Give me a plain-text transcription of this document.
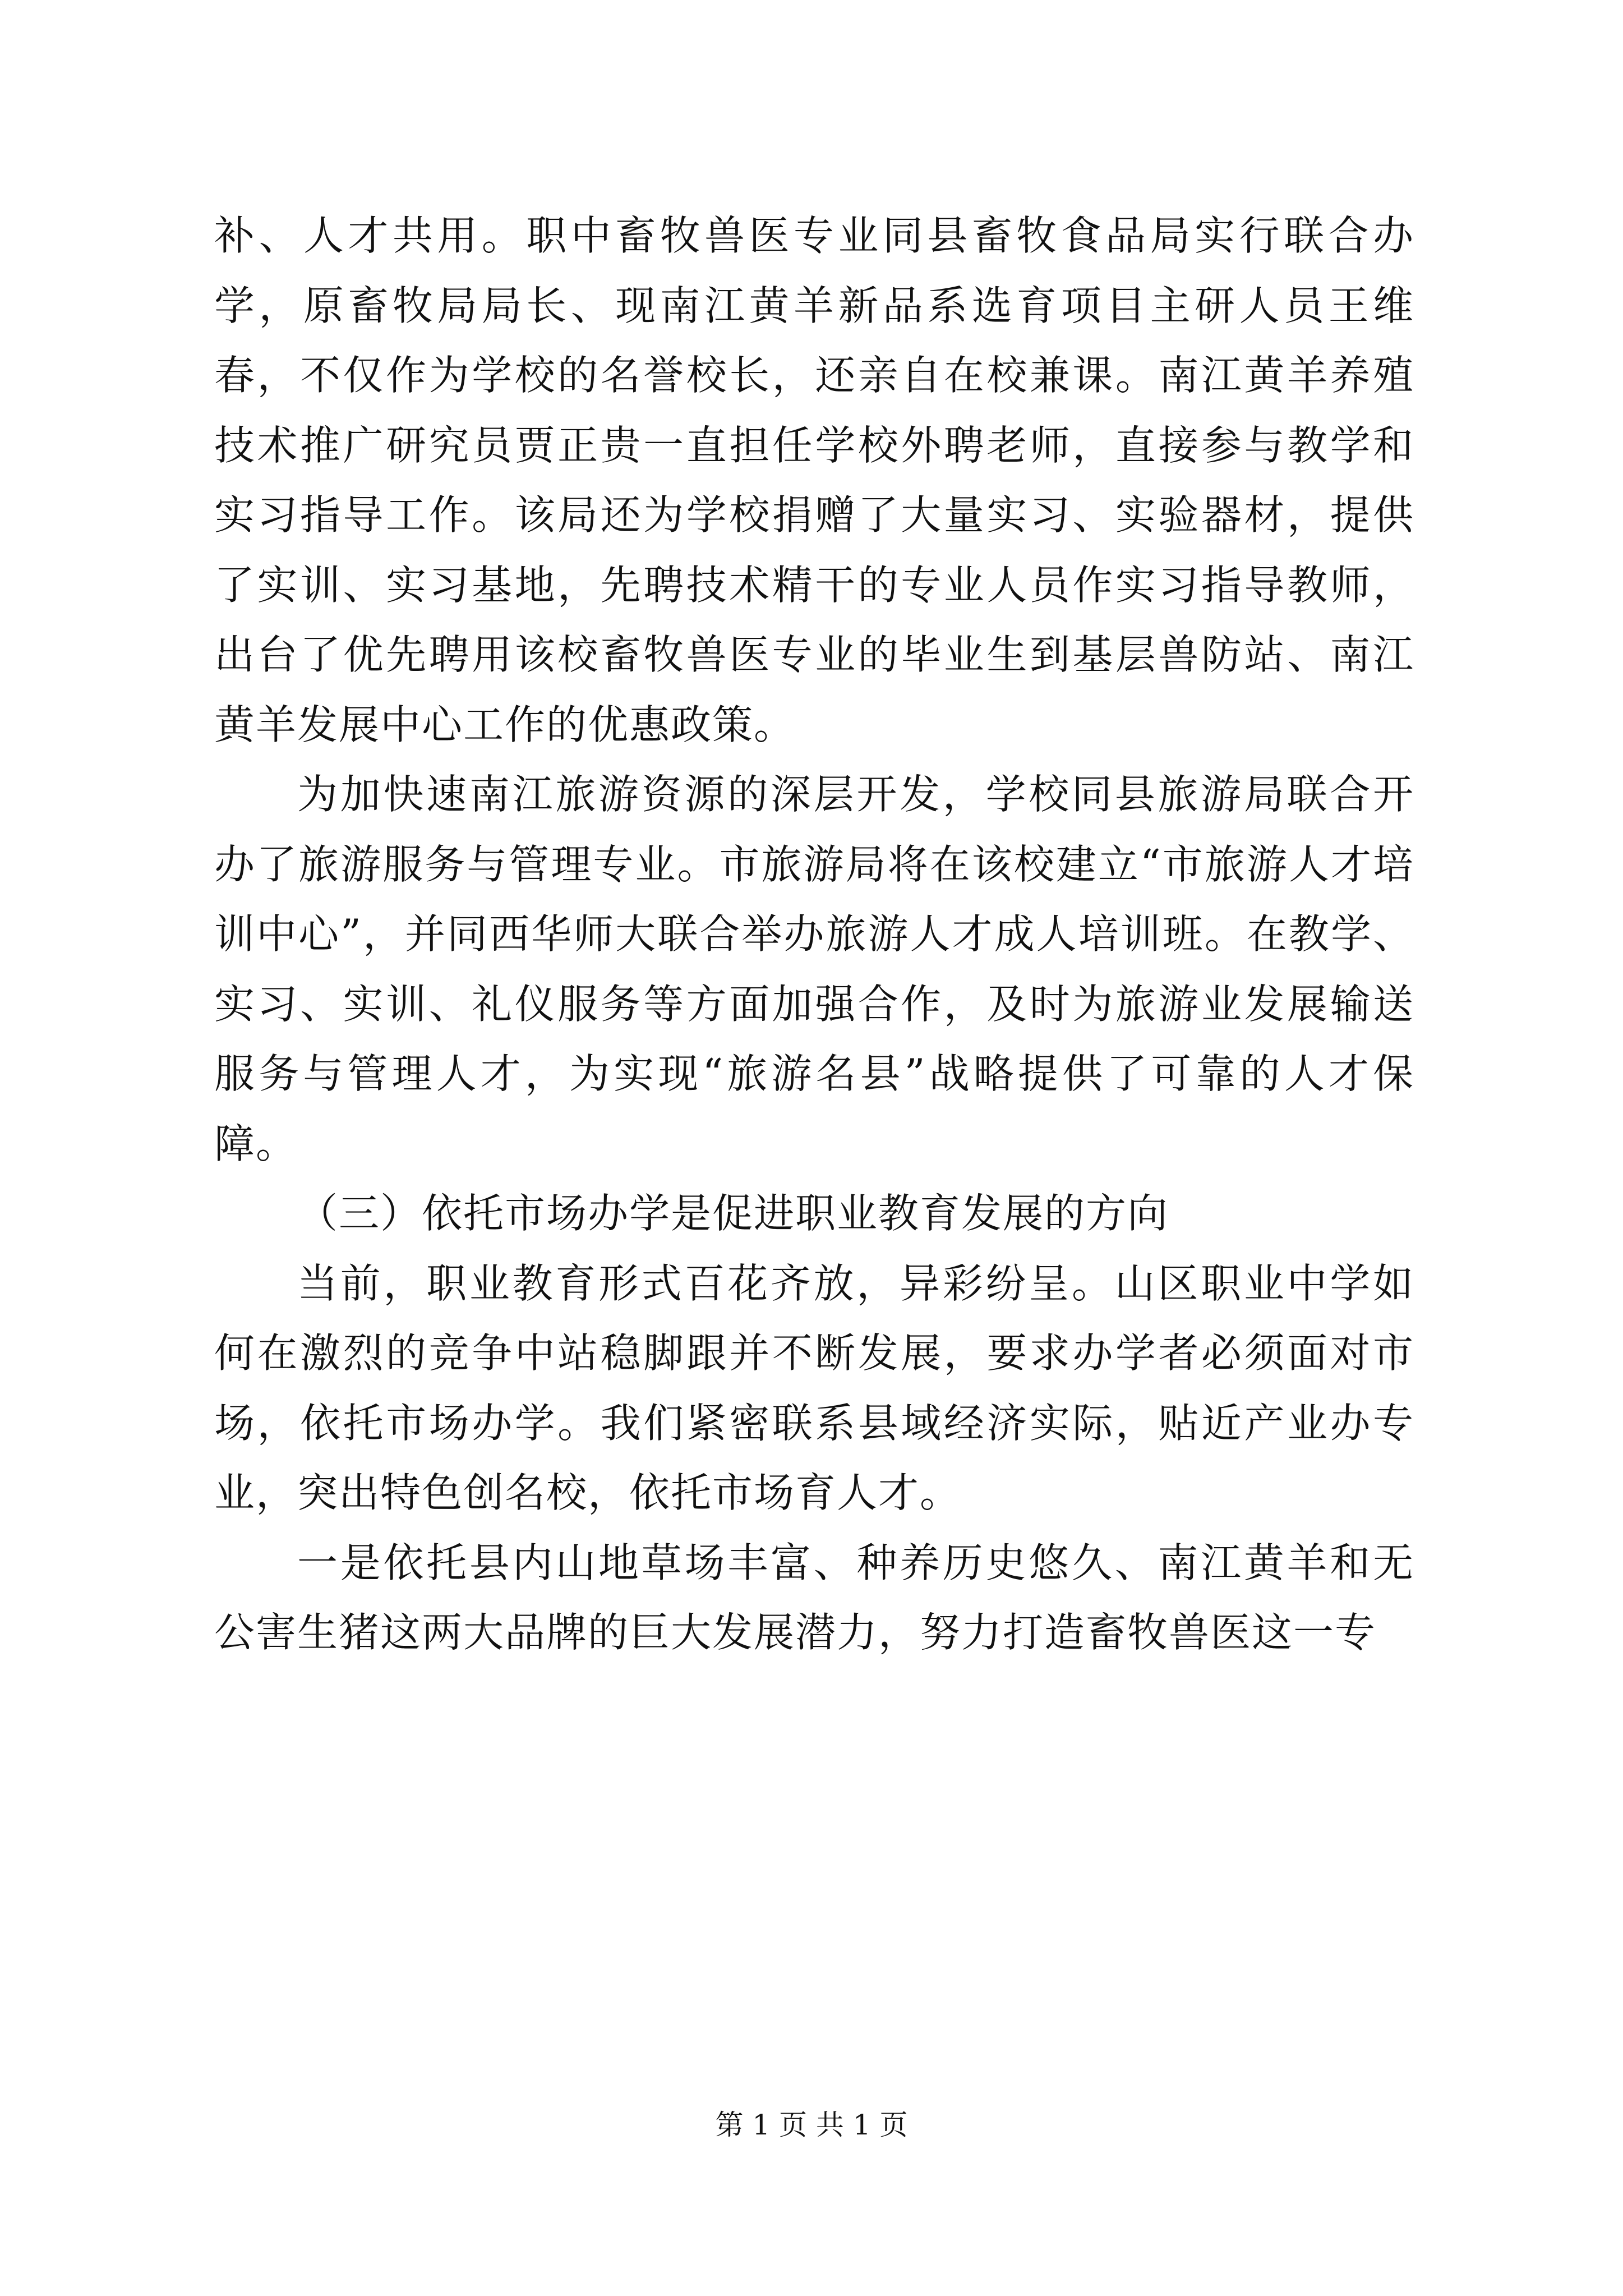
补、人才共用。职中畜牧兽医专业同县畜牧食品局实行联合办学，原畜牧局局长、现南江黄羊新品系选育项目主研人员王维春，不仅作为学校的名誉校长，还亲自在校兼课。南江黄羊养殖技术推广研究员贾正贵一直担任学校外聘老师，直接参与教学和实习指导工作。该局还为学校捐赠了大量实习、实验器材，提供了实训、实习基地，先聘技术精干的专业人员作实习指导教师，出台了优先聘用该校畜牧兽医专业的毕业生到基层兽防站、南江黄羊发展中心工作的优惠政策。

为加快速南江旅游资源的深层开发，学校同县旅游局联合开办了旅游服务与管理专业。市旅游局将在该校建立“市旅游人才培训中心”，并同西华师大联合举办旅游人才成人培训班。在教学、实习、实训、礼仪服务等方面加强合作，及时为旅游业发展输送服务与管理人才，为实现“旅游名县”战略提供了可靠的人才保障。

（三）依托市场办学是促进职业教育发展的方向

当前，职业教育形式百花齐放，异彩纷呈。山区职业中学如何在激烈的竞争中站稳脚跟并不断发展，要求办学者必须面对市场，依托市场办学。我们紧密联系县域经济实际，贴近产业办专业，突出特色创名校，依托市场育人才。

一是依托县内山地草场丰富、种养历史悠久、南江黄羊和无公害生猪这两大品牌的巨大发展潜力，努力打造畜牧兽医这一专

第 1 页 共 1 页
